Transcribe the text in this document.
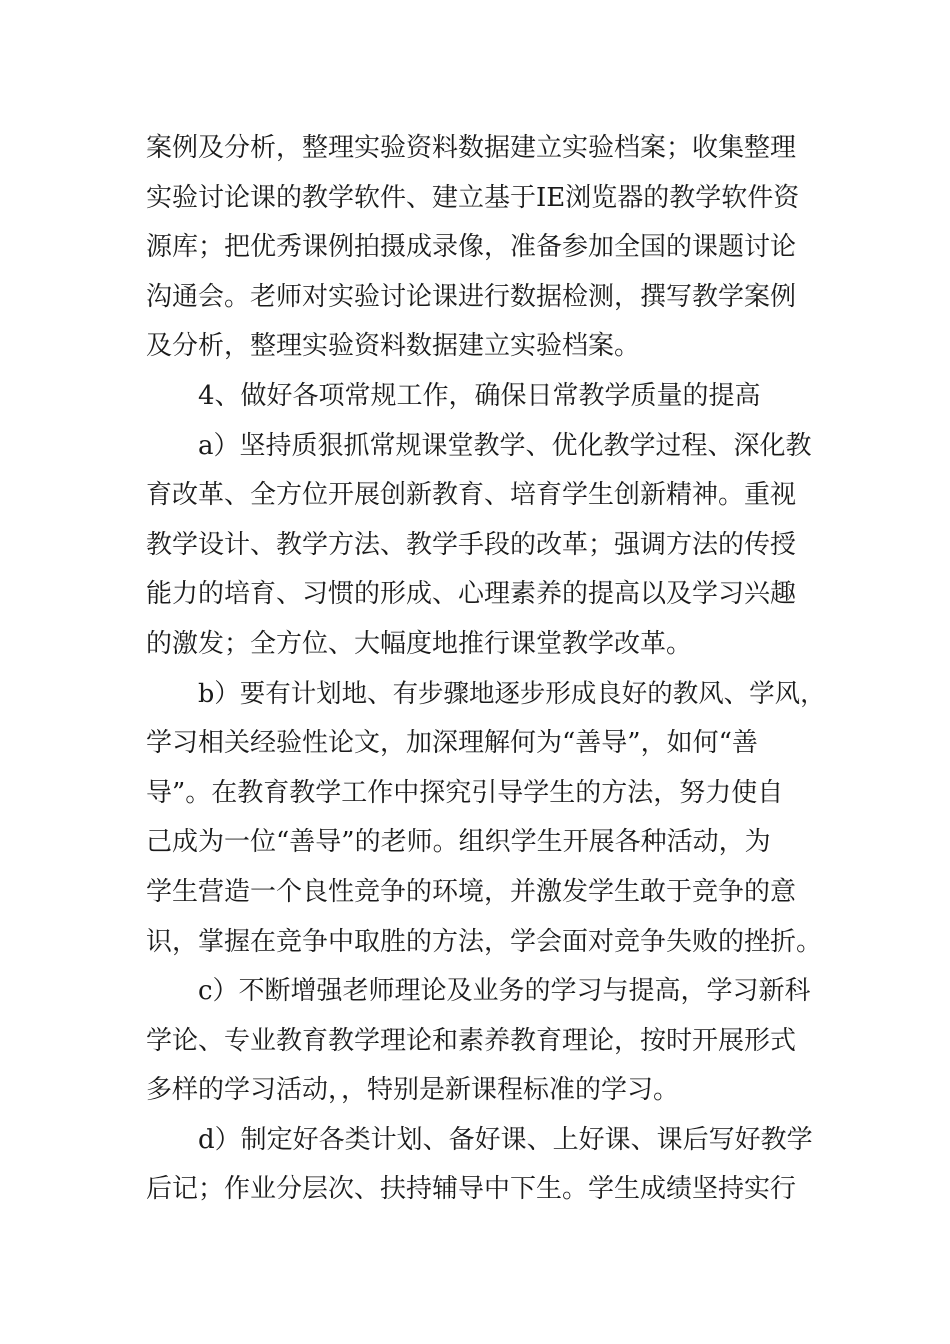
案例及分析，整理实验资料数据建立实验档案；收集整理
实验讨论课的教学软件、建立基于IE浏览器的教学软件资
源库；把优秀课例拍摄成录像，准备参加全国的课题讨论
沟通会。老师对实验讨论课进行数据检测，撰写教学案例
及分析，整理实验资料数据建立实验档案。
4、做好各项常规工作，确保日常教学质量的提高
a）坚持质狠抓常规课堂教学、优化教学过程、深化教
育改革、全方位开展创新教育、培育学生创新精神。重视
教学设计、教学方法、教学手段的改革；强调方法的传授
能力的培育、习惯的形成、心理素养的提高以及学习兴趣
的激发；全方位、大幅度地推行课堂教学改革。
b）要有计划地、有步骤地逐步形成良好的教风、学风，
学习相关经验性论文，加深理解何为“善导”，如何“善
导”。在教育教学工作中探究引导学生的方法，努力使自
己成为一位“善导”的老师。组织学生开展各种活动，为
学生营造一个良性竞争的环境，并激发学生敢于竞争的意
识，掌握在竞争中取胜的方法，学会面对竞争失败的挫折。
c）不断增强老师理论及业务的学习与提高，学习新科
学论、专业教育教学理论和素养教育理论，按时开展形式
多样的学习活动，，特别是新课程标准的学习。
d）制定好各类计划、备好课、上好课、课后写好教学
后记；作业分层次、扶持辅导中下生。学生成绩坚持实行
